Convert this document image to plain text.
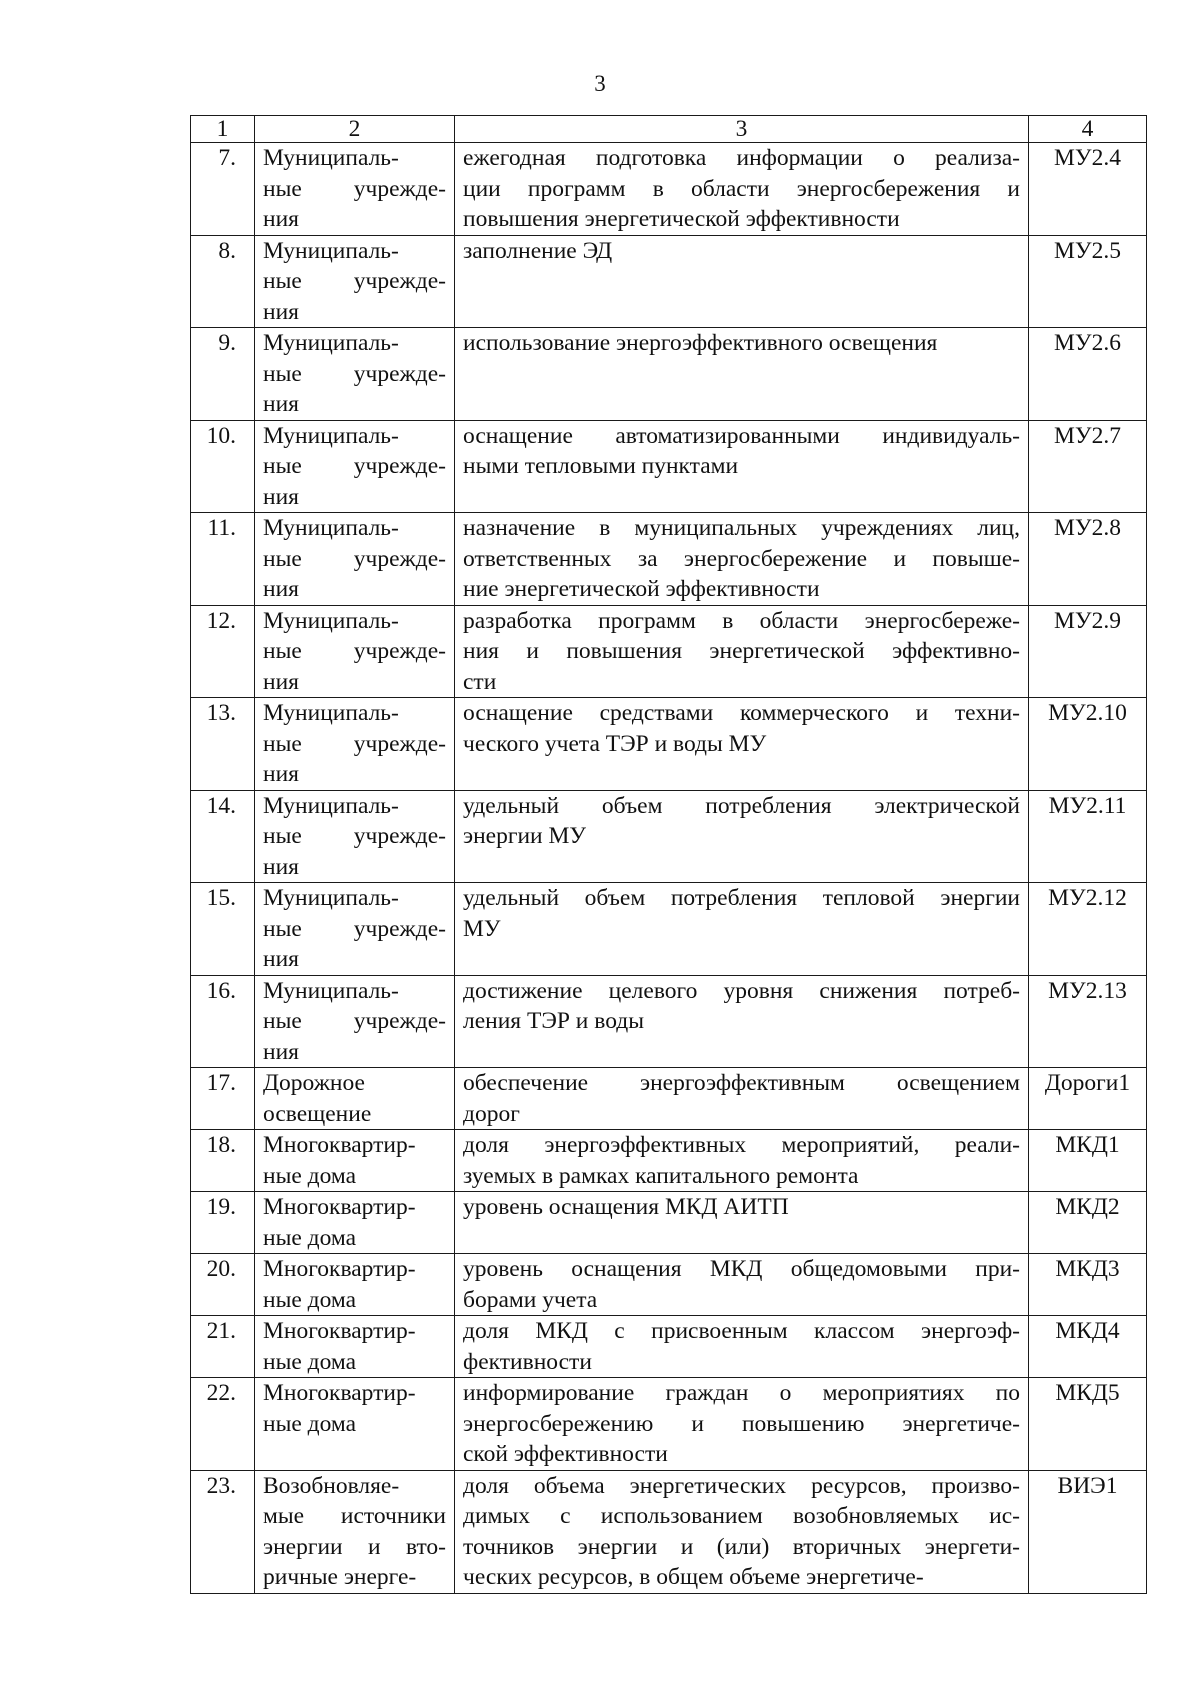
3
1	2	3	4
7.	Муниципаль-
ные учрежде-
ния	ежегодная подготовка информации о реализа-
ции программ в области энергосбережения и
повышения энергетической эффективности	МУ2.4
8.	Муниципаль-
ные учрежде-
ния	заполнение ЭД	МУ2.5
9.	Муниципаль-
ные учрежде-
ния	использование энергоэффективного освещения	МУ2.6
10.	Муниципаль-
ные учрежде-
ния	оснащение автоматизированными индивидуаль-
ными тепловыми пунктами	МУ2.7
11.	Муниципаль-
ные учрежде-
ния	назначение в муниципальных учреждениях лиц,
ответственных за энергосбережение и повыше-
ние энергетической эффективности	МУ2.8
12.	Муниципаль-
ные учрежде-
ния	разработка программ в области энергосбереже-
ния и повышения энергетической эффективно-
сти	МУ2.9
13.	Муниципаль-
ные учрежде-
ния	оснащение средствами коммерческого и техни-
ческого учета ТЭР и воды МУ	МУ2.10
14.	Муниципаль-
ные учрежде-
ния	удельный объем потребления электрической
энергии МУ	МУ2.11
15.	Муниципаль-
ные учрежде-
ния	удельный объем потребления тепловой энергии
МУ	МУ2.12
16.	Муниципаль-
ные учрежде-
ния	достижение целевого уровня снижения потреб-
ления ТЭР и воды	МУ2.13
17.	Дорожное
освещение	обеспечение энергоэффективным освещением
дорог	Дороги1
18.	Многоквартир-
ные дома	доля энергоэффективных мероприятий, реали-
зуемых в рамках капитального ремонта	МКД1
19.	Многоквартир-
ные дома	уровень оснащения МКД АИТП	МКД2
20.	Многоквартир-
ные дома	уровень оснащения МКД общедомовыми при-
борами учета	МКД3
21.	Многоквартир-
ные дома	доля МКД с присвоенным классом энергоэф-
фективности	МКД4
22.	Многоквартир-
ные дома	информирование граждан о мероприятиях по
энергосбережению и повышению энергетиче-
ской эффективности	МКД5
23.	Возобновляе-
мые источники
энергии и вто-
ричные энерге-	доля объема энергетических ресурсов, произво-
димых с использованием возобновляемых ис-
точников энергии и (или) вторичных энергети-
ческих ресурсов, в общем объеме энергетиче-	ВИЭ1
